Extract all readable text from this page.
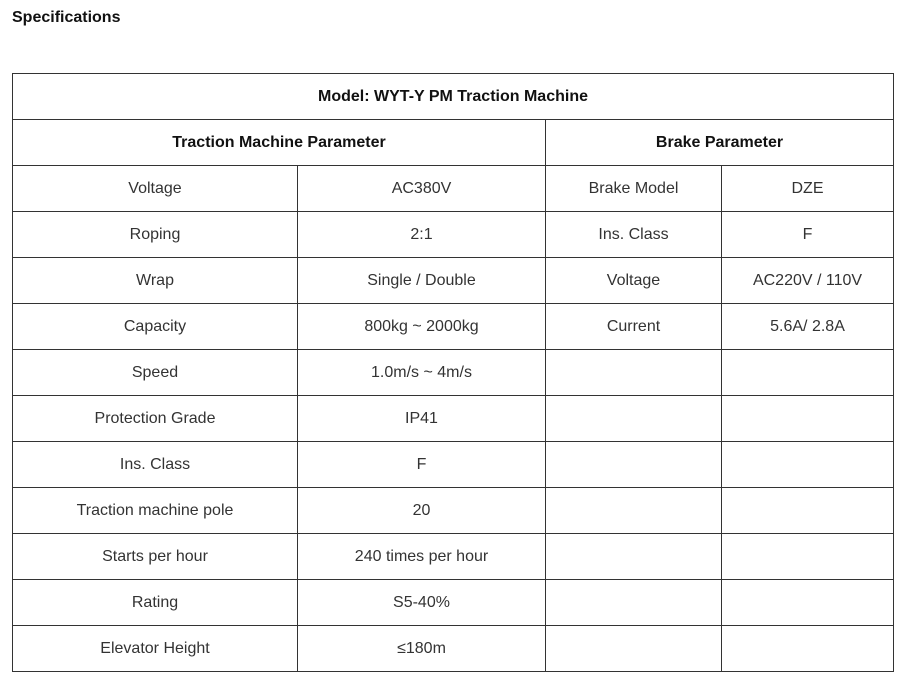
Specifications
Model: WYT-Y PM Traction Machine			
Traction Machine Parameter		Brake Parameter	
Voltage	AC380V	Brake Model	DZE
Roping	2:1	Ins. Class	F
Wrap	Single / Double	Voltage	AC220V / 110V
Capacity	800kg ~ 2000kg	Current	5.6A/ 2.8A
Speed	1.0m/s ~ 4m/s		
Protection Grade	IP41		
Ins. Class	F		
Traction machine pole	20		
Starts per hour	240 times per hour		
Rating	S5-40%		
Elevator Height	≤180m		
